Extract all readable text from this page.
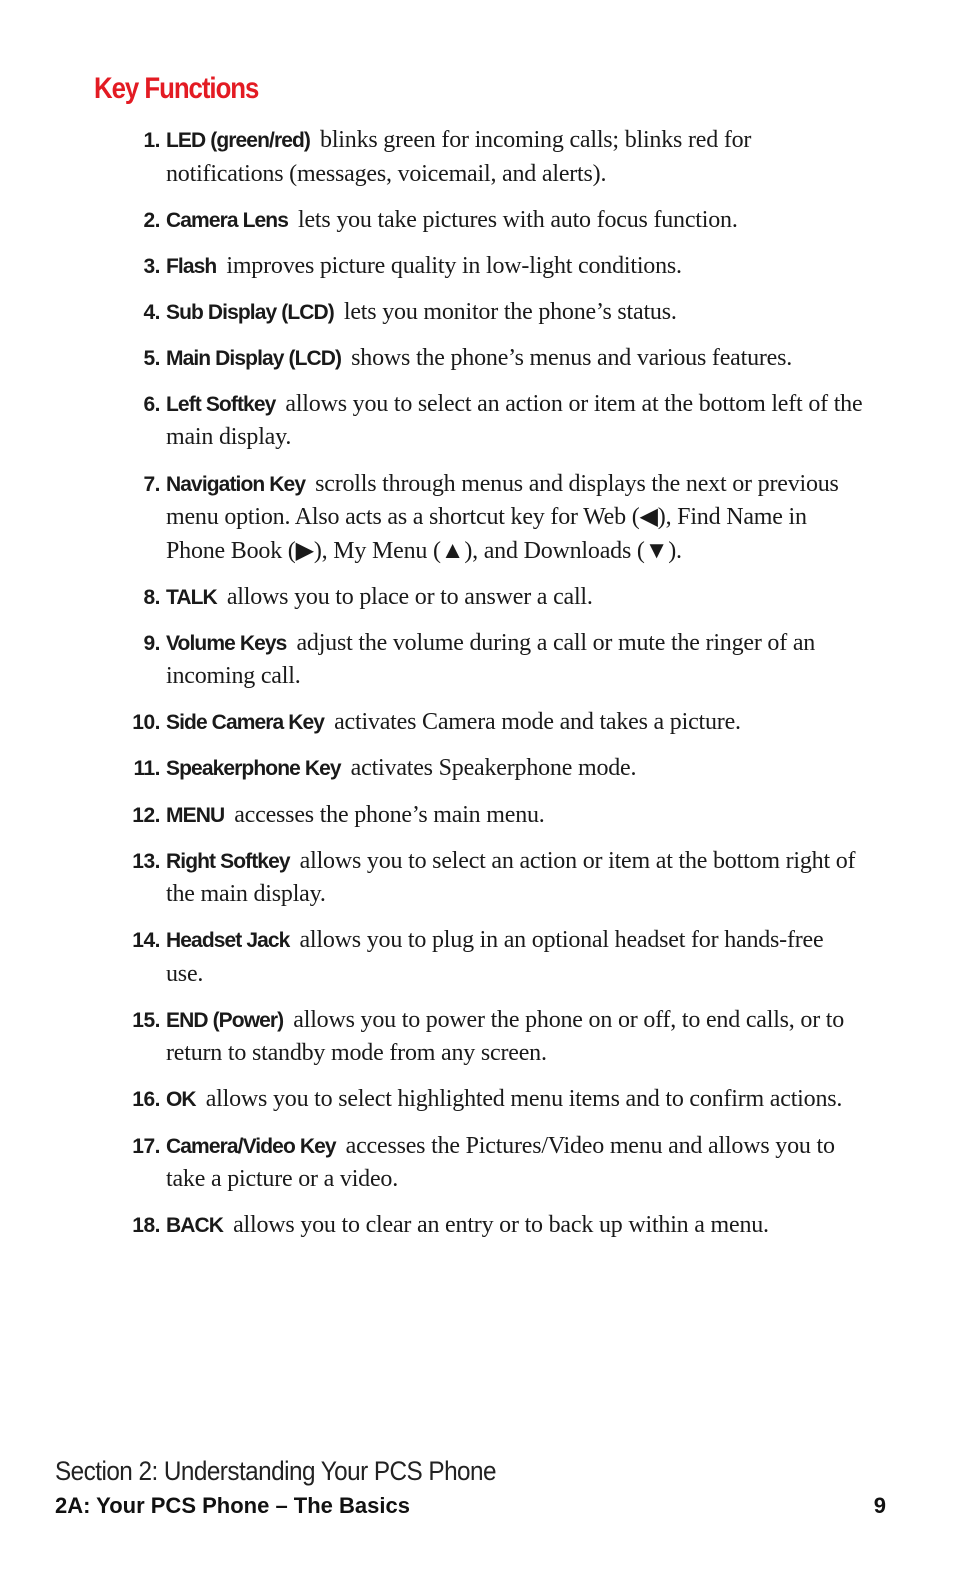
Key Functions
1. LED (green/red) blinks green for incoming calls; blinks red for notifications (messages, voicemail, and alerts).
2. Camera Lens lets you take pictures with auto focus function.
3. Flash improves picture quality in low-light conditions.
4. Sub Display (LCD) lets you monitor the phone’s status.
5. Main Display (LCD) shows the phone’s menus and various features.
6. Left Softkey allows you to select an action or item at the bottom left of the main display.
7. Navigation Key scrolls through menus and displays the next or previous menu option. Also acts as a shortcut key for Web (◀), Find Name in Phone Book (▶), My Menu (▲), and Downloads (▼).
8. TALK allows you to place or to answer a call.
9. Volume Keys adjust the volume during a call or mute the ringer of an incoming call.
10. Side Camera Key activates Camera mode and takes a picture.
11. Speakerphone Key activates Speakerphone mode.
12. MENU accesses the phone’s main menu.
13. Right Softkey allows you to select an action or item at the bottom right of the main display.
14. Headset Jack allows you to plug in an optional headset for hands-free use.
15. END (Power) allows you to power the phone on or off, to end calls, or to return to standby mode from any screen.
16. OK allows you to select highlighted menu items and to confirm actions.
17. Camera/Video Key accesses the Pictures/Video menu and allows you to take a picture or a video.
18. BACK allows you to clear an entry or to back up within a menu.
Section 2: Understanding Your PCS Phone
2A: Your PCS Phone – The Basics	9
